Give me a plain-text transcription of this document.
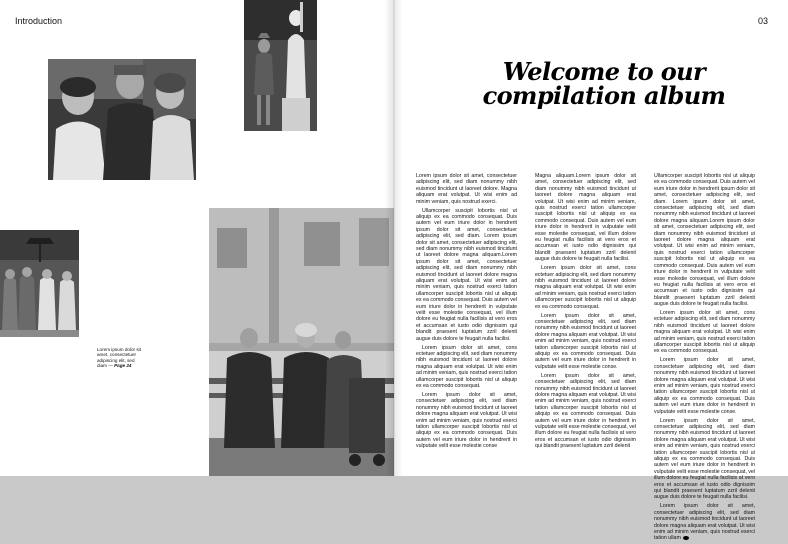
Introduction
Lorem ipsum dolor sit amet, consectetuer adipiscing elit, sed diam — Page 24
03
Welcome to our
compilation album

Lorem ipsum dolor sit amet, consectetuer adipiscing elit, sed diam nonummy nibh euismod tincidunt ut laoreet dolore. Magna aliquam erat volutpat. Ut wisi enim ad minim veniam, quis nostrud exerci.

Ullamcorper suscipit lobortis nisl ut aliquip ex ea commodo consequat. Duis autem vel eum iriure dolor in hendrerit ipsum dolor sit amet, consectetuer adipiscing elit, sed diam. Lorem ipsum dolor sit amet, consectetuer adipiscing elit, sed diam nonummy nibh euismod tincidunt ut laoreet dolore magna aliquam.Lorem ipsum dolor sit amet, consectetuer adipiscing elit, sed diam nonummy nibh euismod tincidunt ut laoreet dolore magna aliquam erat volutpat. Ut wisi enim ad minim veniam, quis nostrud exerci tation ullamcorper suscipit lobortis nisl ut aliquip ex ea commodo consequat. Duis autem vel eum iriure dolor in hendrerit in vulputate velit esse molestie consequat, vel illum dolore eu feugiat nulla facilisis at vero eros et accumsan et iusto odio dignissim qui blandit praesent luptatum zzril delenit augue duis dolore te feugait nulla facilisi.

Lorem ipsum dolor sit amet, cons ectetuer adipiscing elit, sed diam nonummy nibh euismod tincidunt ut laoreet dolore magna aliquam erat volutpat. Ut wisi enim ad minim veniam, quis nostrud exerci tation ullamcorper suscipit lobortis nisl ut aliquip ex ea commodo consequat.

Lorem ipsum dolor sit amet, consectetuer adipiscing elit, sed diam nonummy nibh euismod tincidunt ut laoreet dolore magna aliquam erat volutpat. Ut wisi enim ad minim veniam, quis nostrud exerci tation ullamcorper suscipit lobortis nisl ut aliquip ex ea commodo consequat. Duis autem vel eum iriure dolor in hendrerit in vulputate velit esse molestie conse

Magna aliquam.Lorem ipsum dolor sit amet, consectetuer adipiscing elit, sed diam nonummy nibh euismod tincidunt ut laoreet dolore magna aliquam erat volutpat. Ut wisi enim ad minim veniam, quis nostrud exerci tation ullamcorper suscipit lobortis nisl ut aliquip ex ea commodo consequat. Duis autem vel eum iriure dolor in hendrerit in vulputate velit esse molestie consequat, vel illum dolore eu feugiat nulla facilisis at vero eros et accumsan et iusto odio dignissim qui blandit praesent luptatum zzril delenit augue duis dolore te feugait nulla facilisi.

Lorem ipsum dolor sit amet, cons ectetuer adipiscing elit, sed diam nonummy nibh euismod tincidunt ut laoreet dolore magna aliquam erat volutpat. Ut wisi enim ad minim veniam, quis nostrud exerci tation ullamcorper suscipit lobortis nisl ut aliquip ex ea commodo consequat.

Lorem ipsum dolor sit amet, consectetuer adipiscing elit, sed diam nonummy nibh euismod tincidunt ut laoreet dolore magna aliquam erat volutpat. Ut wisi enim ad minim veniam, quis nostrud exerci tation ullamcorper suscipit lobortis nisl ut aliquip ex ea commodo consequat. Duis autem vel eum iriure dolor in hendrerit in vulputate velit esse molestie conse.

Lorem ipsum dolor sit amet, consectetuer adipiscing elit, sed diam nonummy nibh euismod tincidunt ut laoreet dolore magna aliquam erat volutpat. Ut wisi enim ad minim veniam, quis nostrud exerci tation ullamcorper suscipit lobortis nisl ut aliquip ex ea commodo consequat. Duis autem vel eum iriure dolor in hendrerit in vulputate velit esse molestie consequat, vel illum dolore eu feugiat nulla facilisis at vero eros et accumsan et iusto odio dignissim qui blandit praesent luptatum zzril delenit

Ullamcorper suscipit lobortis nisl ut aliquip ex ea commodo consequat. Duis autem vel eum iriure dolor in hendrerit ipsum dolor sit amet, consectetuer adipiscing elit, sed diam. Lorem ipsum dolor sit amet, consectetuer adipiscing elit, sed diam nonummy nibh euismod tincidunt ut laoreet dolore magna aliquam.Lorem ipsum dolor sit amet, consectetuer adipiscing elit, sed diam nonummy nibh euismod tincidunt ut laoreet dolore magna aliquam erat volutpat. Ut wisi enim ad minim veniam, quis nostrud exerci tation ullamcorper suscipit lobortis nisl ut aliquip ex ea commodo consequat. Duis autem vel eum iriure dolor in hendrerit in vulputate velit esse molestie consequat, vel illum dolore eu feugiat nulla facilisis at vero eros et accumsan et iusto odio dignissim qui blandit praesent luptatum zzril delenit augue duis dolore te feugait nulla facilisi.

Lorem ipsum dolor sit amet, cons ectetuer adipiscing elit, sed diam nonummy nibh euismod tincidunt ut laoreet dolore magna aliquam erat volutpat. Ut wisi enim ad minim veniam, quis nostrud exerci tation ullamcorper suscipit lobortis nisl ut aliquip ex ea commodo consequat.

Lorem ipsum dolor sit amet, consectetuer adipiscing elit, sed diam nonummy nibh euismod tincidunt ut laoreet dolore magna aliquam erat volutpat. Ut wisi enim ad minim veniam, quis nostrud exerci tation ullamcorper suscipit lobortis nisl ut aliquip ex ea commodo consequat. Duis autem vel eum iriure dolor in hendrerit in vulputate velit esse molestie conse.

Lorem ipsum dolor sit amet, consectetuer adipiscing elit, sed diam nonummy nibh euismod tincidunt ut laoreet dolore magna aliquam erat volutpat. Ut wisi enim ad minim veniam, quis nostrud exerci tation ullamcorper suscipit lobortis nisl ut aliquip ex ea commodo consequat. Duis autem vel eum iriure dolor in hendrerit in vulputate velit esse molestie consequat, vel illum dolore eu feugiat nulla facilisis at vero eros et accumsan et iusto odio dignissim qui blandit praesent luptatum zzril delenit augue duis dolore te feugait nulla facilisi.

Lorem ipsum dolor sit amet, consectetuer adipiscing elit, sed diam nonummy nibh euismod tincidunt ut laoreet dolore magna aliquam erat volutpat. Ut wisi enim ad minim veniam, quis nostrud exerci tation ullam
